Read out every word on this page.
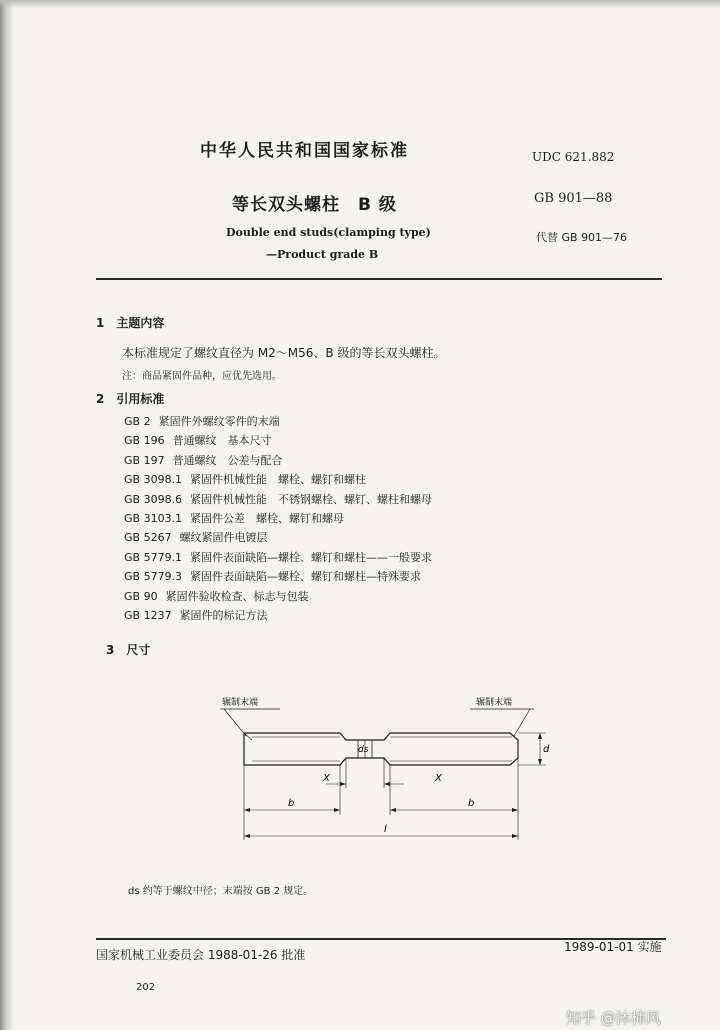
中华人民共和国国家标准	UDC 621.882
等长双头螺柱　B 级	GB 901—88
Double end studs(clamping type)
—Product grade B
代替 GB 901—76
1　主题内容
本标准规定了螺纹直径为 M2～M56、B 级的等长双头螺柱。
注：商品紧固件品种，应优先选用。
2　引用标准
GB 2 紧固件外螺纹零件的末端
GB 196 普通螺纹　基本尺寸
GB 197 普通螺纹　公差与配合
GB 3098.1 紧固件机械性能　螺栓、螺钉和螺柱
GB 3098.6 紧固件机械性能　不锈钢螺栓、螺钉、螺柱和螺母
GB 3103.1 紧固件公差　螺栓、螺钉和螺母
GB 5267 螺纹紧固件电镀层
GB 5779.1 紧固件表面缺陷—螺栓、螺钉和螺柱——一般要求
GB 5779.3 紧固件表面缺陷—螺栓、螺钉和螺柱—特殊要求
GB 90 紧固件验收检查、标志与包装
GB 1237 紧固件的标记方法
3　尺寸
辗制末端	辗制末端
ds	d
X	X
b	b
l
ds 约等于螺纹中径；末端按 GB 2 规定。
国家机械工业委员会 1988-01-26 批准
1989-01-01 实施
202
知乎 @沐柿风
